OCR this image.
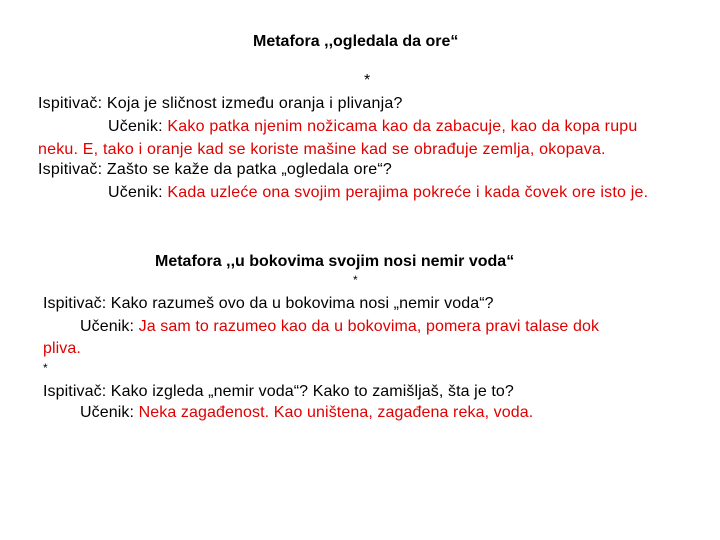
Metafora ,,ogledala da ore“
*
Ispitivač: Koja je sličnost između oranja i plivanja?
Učenik: Kako patka njenim nožicama kao da zabacuje, kao da kopa rupu
neku. E, tako i oranje kad se koriste mašine kad se obrađuje zemlja, okopava.
Ispitivač: Zašto se kaže da patka „ogledala ore“?
Učenik: Kada uzleće ona svojim perajima pokreće i kada čovek ore isto je.
Metafora ,,u bokovima svojim nosi nemir voda“
*
Ispitivač: Kako razumeš ovo da u bokovima nosi „nemir voda“?
Učenik: Ja sam to razumeo kao da u bokovima, pomera pravi talase dok
pliva.
*
Ispitivač: Kako izgleda „nemir voda“? Kako to zamišljaš, šta je to?
Učenik: Neka zagađenost. Kao uništena, zagađena reka, voda.
